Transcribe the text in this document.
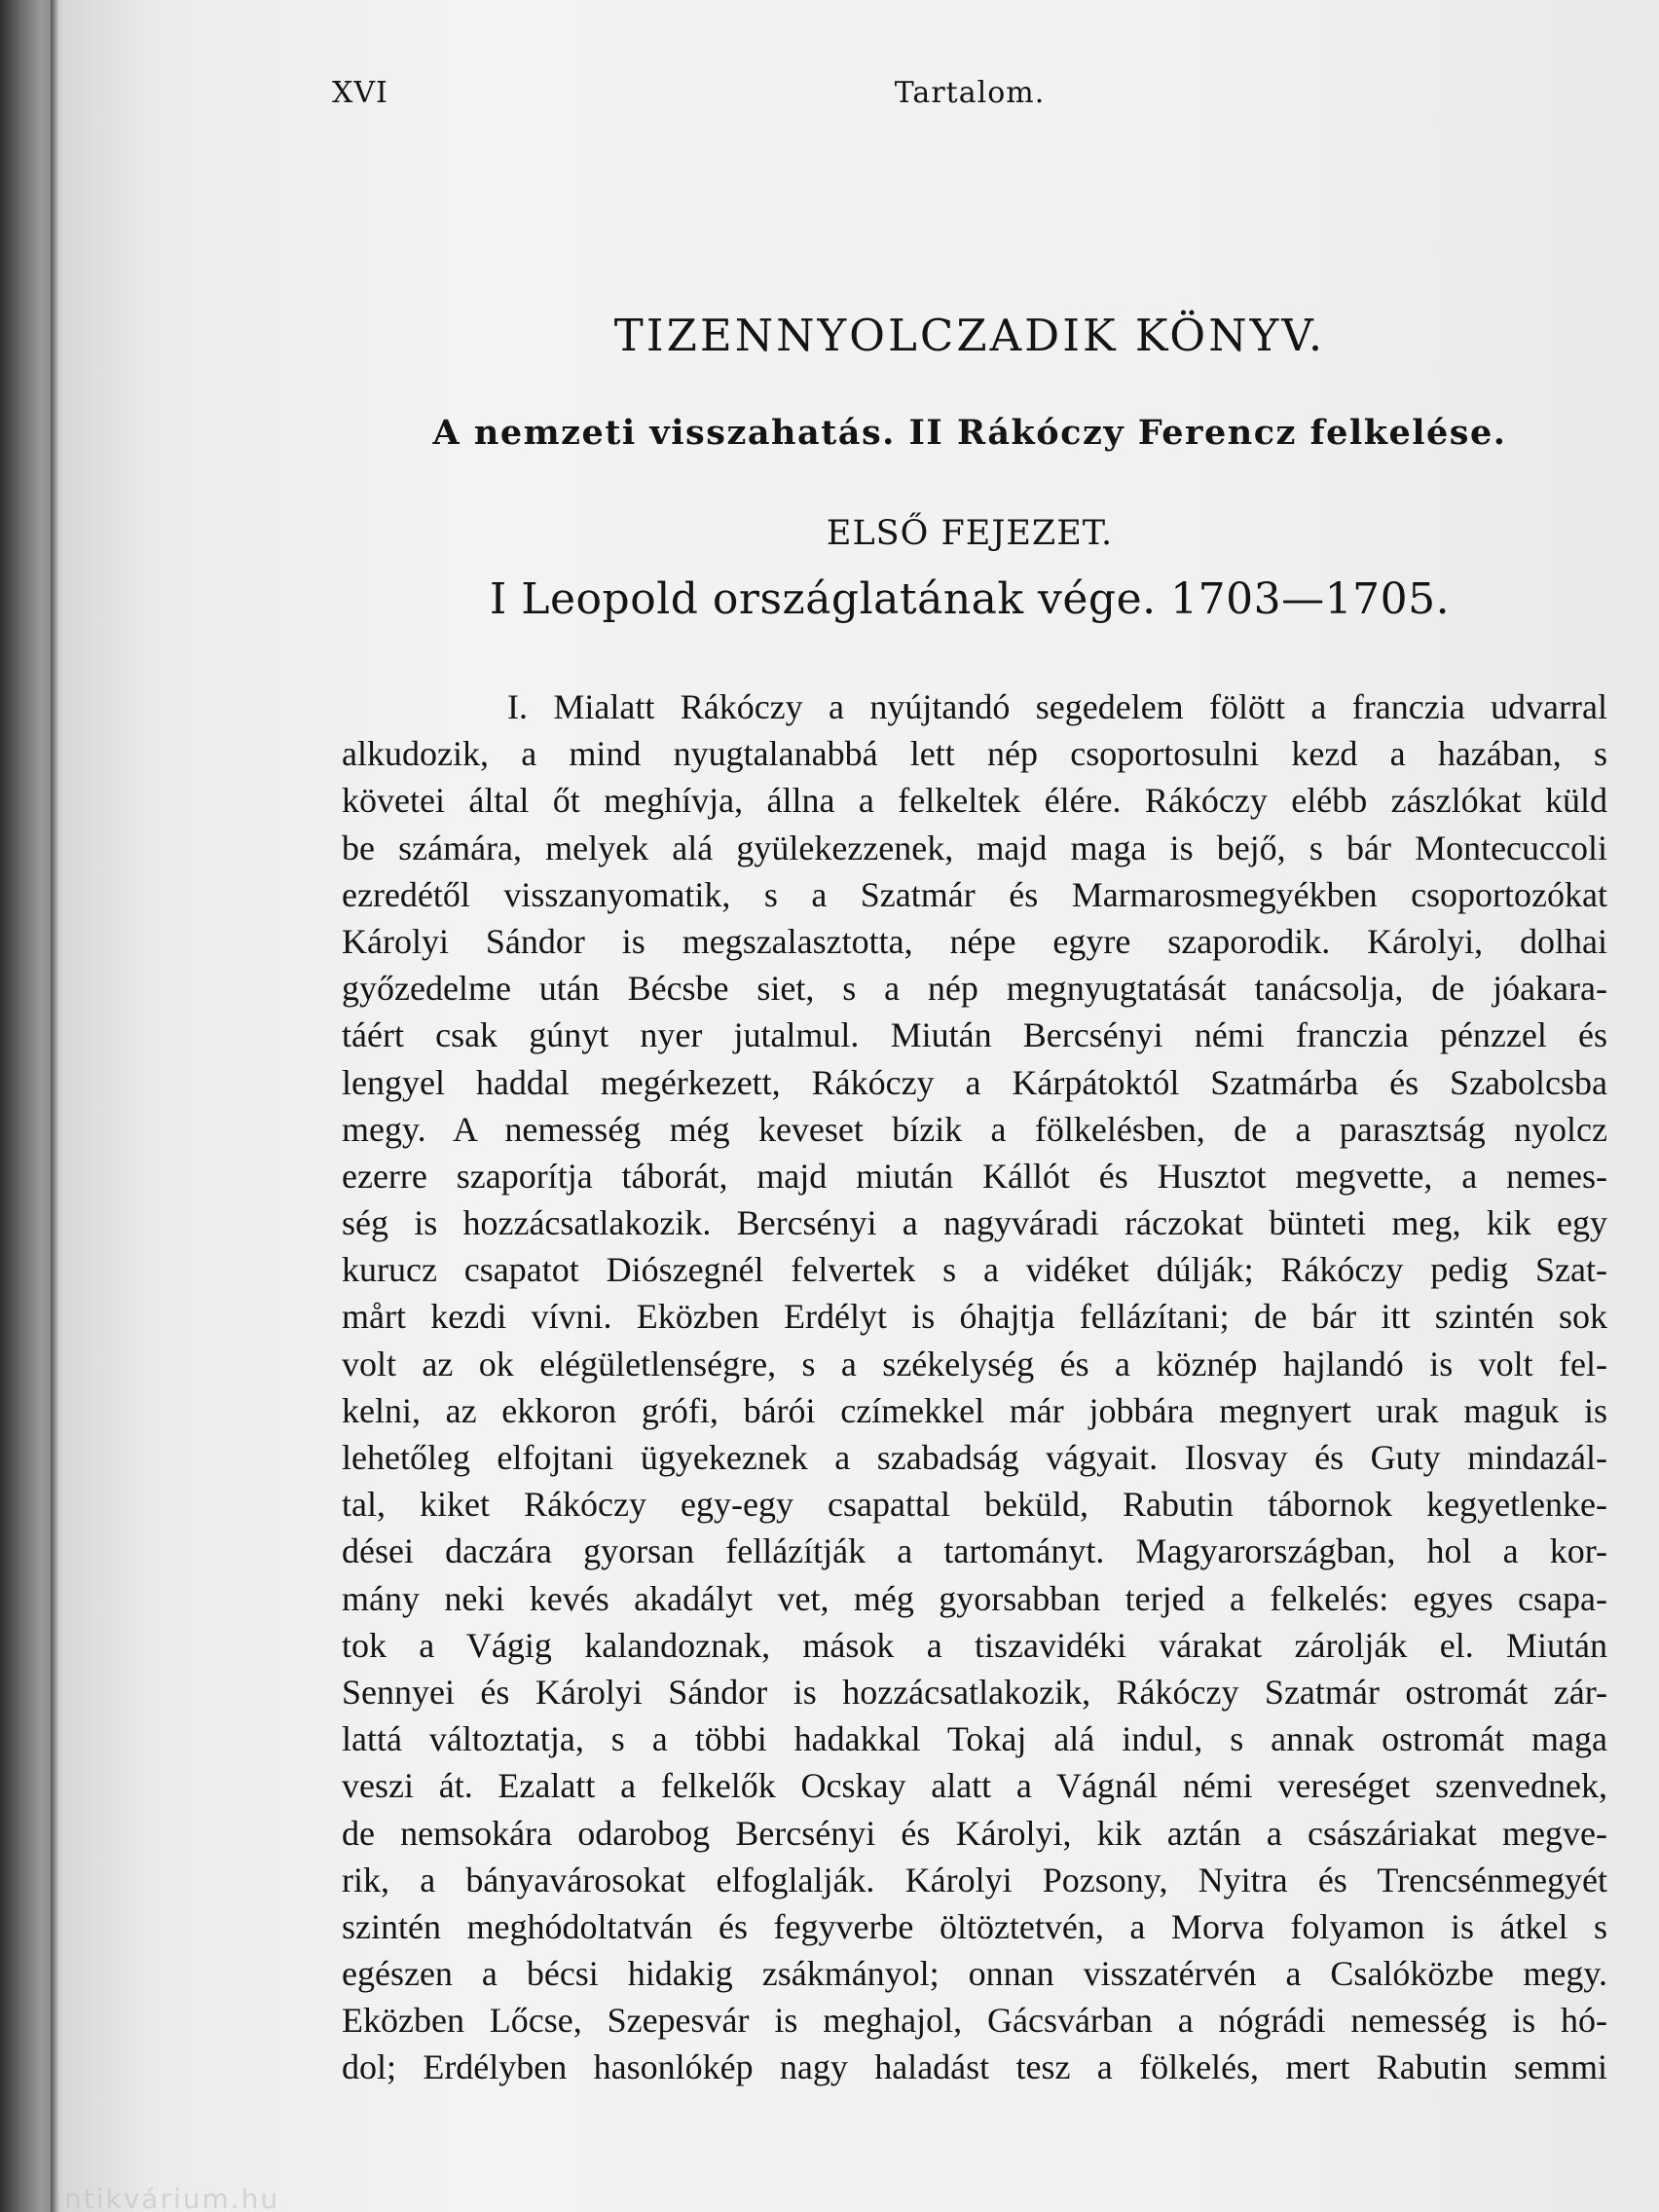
XVI	Tartalom.
TIZENNYOLCZADIK KÖNYV.
A nemzeti visszahatás. II Rákóczy Ferencz felkelése.
ELSŐ FEJEZET.
I Leopold országlatának vége. 1703—1705.
I. Mialatt Rákóczy a nyújtandó segedelem fölött a franczia udvarral
alkudozik, a mind nyugtalanabbá lett nép csoportosulni kezd a hazában, s
követei által őt meghívja, állna a felkeltek élére. Rákóczy elébb zászlókat küld
be számára, melyek alá gyülekezzenek, majd maga is bejő, s bár Montecuccoli
ezredétől visszanyomatik, s a Szatmár és Marmarosmegyékben csoportozókat
Károlyi Sándor is megszalasztotta, népe egyre szaporodik. Károlyi, dolhai
győzedelme után Bécsbe siet, s a nép megnyugtatását tanácsolja, de jóakara-
táért csak gúnyt nyer jutalmul. Miután Bercsényi némi franczia pénzzel és
lengyel haddal megérkezett, Rákóczy a Kárpátoktól Szatmárba és Szabolcsba
megy. A nemesség még keveset bízik a fölkelésben, de a parasztság nyolcz
ezerre szaporítja táborát, majd miután Kállót és Husztot megvette, a nemes-
ség is hozzácsatlakozik. Bercsényi a nagyváradi ráczokat bünteti meg, kik egy
kurucz csapatot Diószegnél felvertek s a vidéket dúlják; Rákóczy pedig Szat-
mårt kezdi vívni. Eközben Erdélyt is óhajtja fellázítani; de bár itt szintén sok
volt az ok elégületlenségre, s a székelység és a köznép hajlandó is volt fel-
kelni, az ekkoron grófi, bárói czímekkel már jobbára megnyert urak maguk is
lehetőleg elfojtani ügyekeznek a szabadság vágyait. Ilosvay és Guty mindazál-
tal, kiket Rákóczy egy-egy csapattal beküld, Rabutin tábornok kegyetlenke-
dései daczára gyorsan fellázítják a tartományt. Magyarországban, hol a kor-
mány neki kevés akadályt vet, még gyorsabban terjed a felkelés: egyes csapa-
tok a Vágig kalandoznak, mások a tiszavidéki várakat zárolják el. Miután
Sennyei és Károlyi Sándor is hozzácsatlakozik, Rákóczy Szatmár ostromát zár-
lattá változtatja, s a többi hadakkal Tokaj alá indul, s annak ostromát maga
veszi át. Ezalatt a felkelők Ocskay alatt a Vágnál némi vereséget szenvednek,
de nemsokára odarobog Bercsényi és Károlyi, kik aztán a császáriakat megve-
rik, a bányavárosokat elfoglalják. Károlyi Pozsony, Nyitra és Trencsénmegyét
szintén meghódoltatván és fegyverbe öltöztetvén, a Morva folyamon is átkel s
egészen a bécsi hidakig zsákmányol; onnan visszatérvén a Csalóközbe megy.
Eközben Lőcse, Szepesvár is meghajol, Gácsvárban a nógrádi nemesség is hó-
dol; Erdélyben hasonlókép nagy haladást tesz a fölkelés, mert Rabutin semmi
ntikvárium.hu
